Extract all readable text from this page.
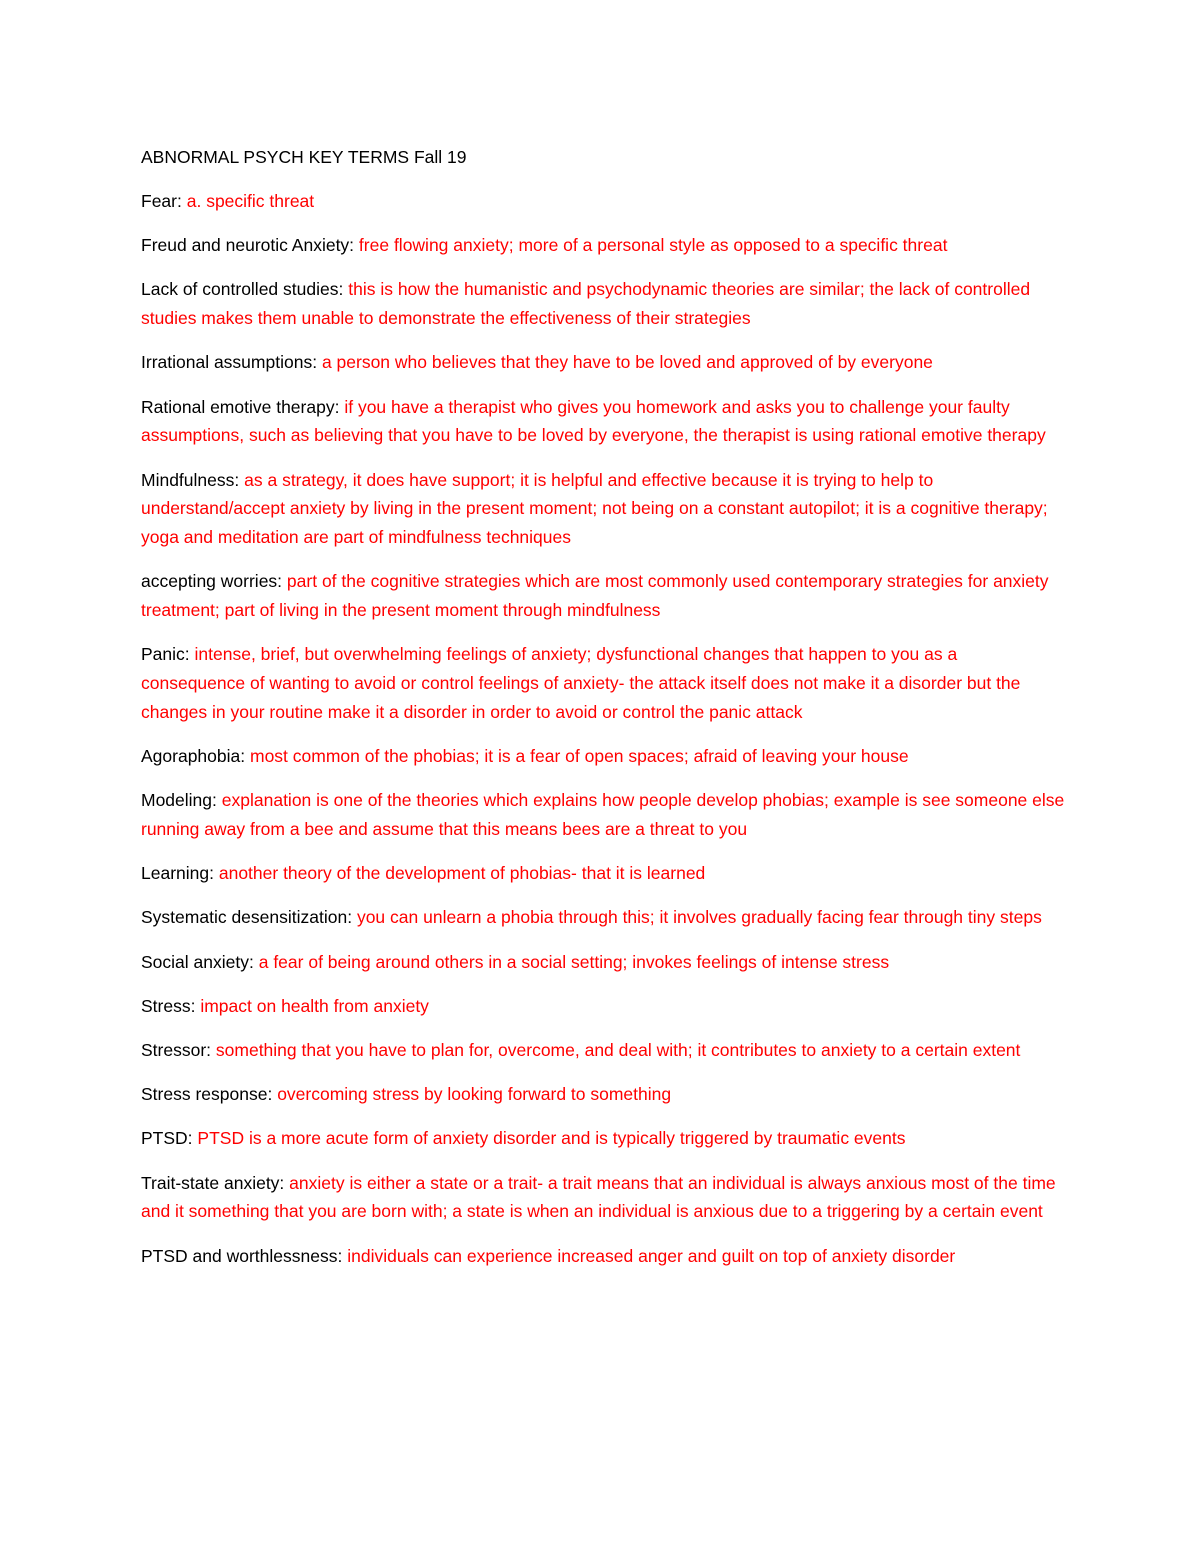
ABNORMAL PSYCH KEY TERMS Fall 19
Fear: a. specific threat
Freud and neurotic Anxiety: free flowing anxiety; more of a personal style as opposed to a specific threat
Lack of controlled studies: this is how the humanistic and psychodynamic theories are similar; the lack of controlled studies makes them unable to demonstrate the effectiveness of their strategies
Irrational assumptions: a person who believes that they have to be loved and approved of by everyone
Rational emotive therapy: if you have a therapist who gives you homework and asks you to challenge your faulty assumptions, such as believing that you have to be loved by everyone, the therapist is using rational emotive therapy
Mindfulness: as a strategy, it does have support; it is helpful and effective because it is trying to help to understand/accept anxiety by living in the present moment; not being on a constant autopilot; it is a cognitive therapy; yoga and meditation are part of mindfulness techniques
accepting worries: part of the cognitive strategies which are most commonly used contemporary strategies for anxiety treatment; part of living in the present moment through mindfulness
Panic: intense, brief, but overwhelming feelings of anxiety; dysfunctional changes that happen to you as a consequence of wanting to avoid or control feelings of anxiety- the attack itself does not make it a disorder but the changes in your routine make it a disorder in order to avoid or control the panic attack
Agoraphobia: most common of the phobias; it is a fear of open spaces; afraid of leaving your house
Modeling: explanation is one of the theories which explains how people develop phobias; example is see someone else running away from a bee and assume that this means bees are a threat to you
Learning: another theory of the development of phobias- that it is learned
Systematic desensitization: you can unlearn a phobia through this; it involves gradually facing fear through tiny steps
Social anxiety: a fear of being around others in a social setting; invokes feelings of intense stress
Stress: impact on health from anxiety
Stressor: something that you have to plan for, overcome, and deal with; it contributes to anxiety to a certain extent
Stress response: overcoming stress by looking forward to something
PTSD: PTSD is a more acute form of anxiety disorder and is typically triggered by traumatic events
Trait-state anxiety: anxiety is either a state or a trait- a trait means that an individual is always anxious most of the time and it something that you are born with; a state is when an individual is anxious due to a triggering by a certain event
PTSD and worthlessness: individuals can experience increased anger and guilt on top of anxiety disorder
